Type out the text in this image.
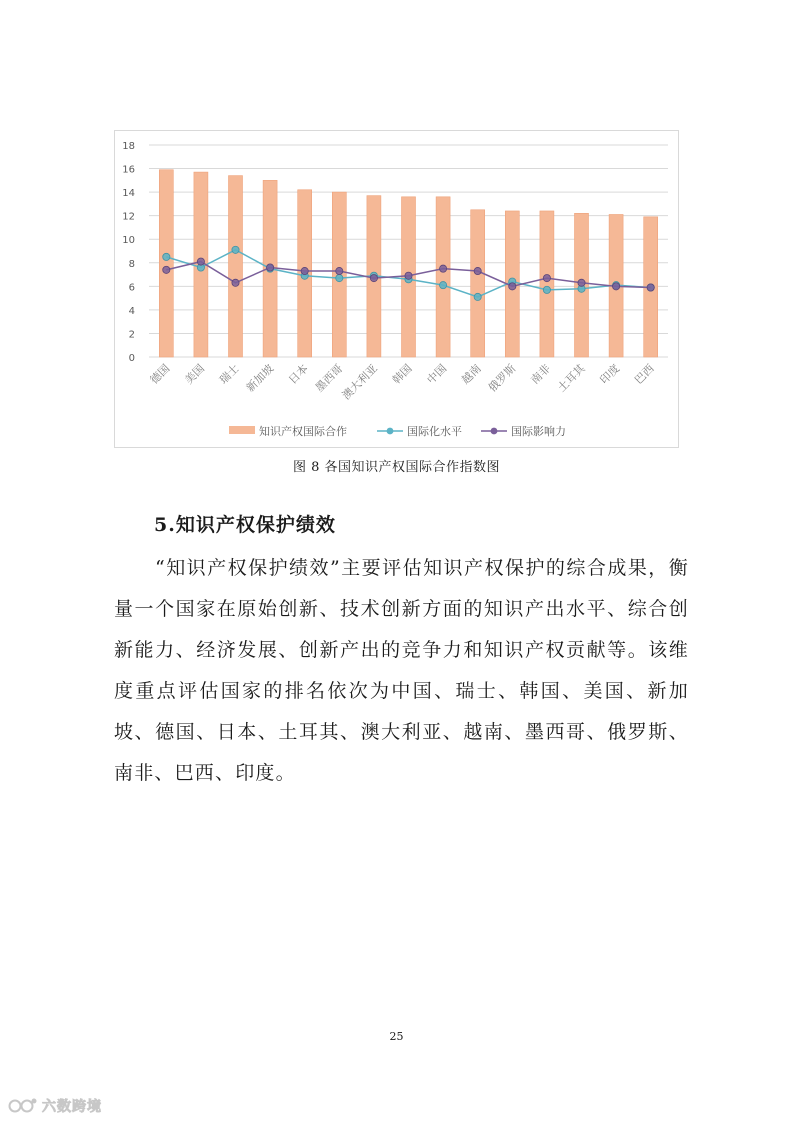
0
2
4
6
8
10
12
14
16
18
德国 美国 瑞士 新加坡 日本 墨西哥
澳大利亚 韩国 中国 越南 俄罗斯 南非 土耳其 印度 巴西
知识产权国际合作	国际化水平	国际影响力
图 8 各国知识产权国际合作指数图
5.知识产权保护绩效

“知识产权保护绩效”主要评估知识产权保护的综合成果，衡量一个国家在原始创新、技术创新方面的知识产出水平、综合创新能力、经济发展、创新产出的竞争力和知识产权贡献等。该维度重点评估国家的排名依次为中国、瑞士、韩国、美国、新加坡、德国、日本、土耳其、澳大利亚、越南、墨西哥、俄罗斯、南非、巴西、印度。

25
六数跨境
